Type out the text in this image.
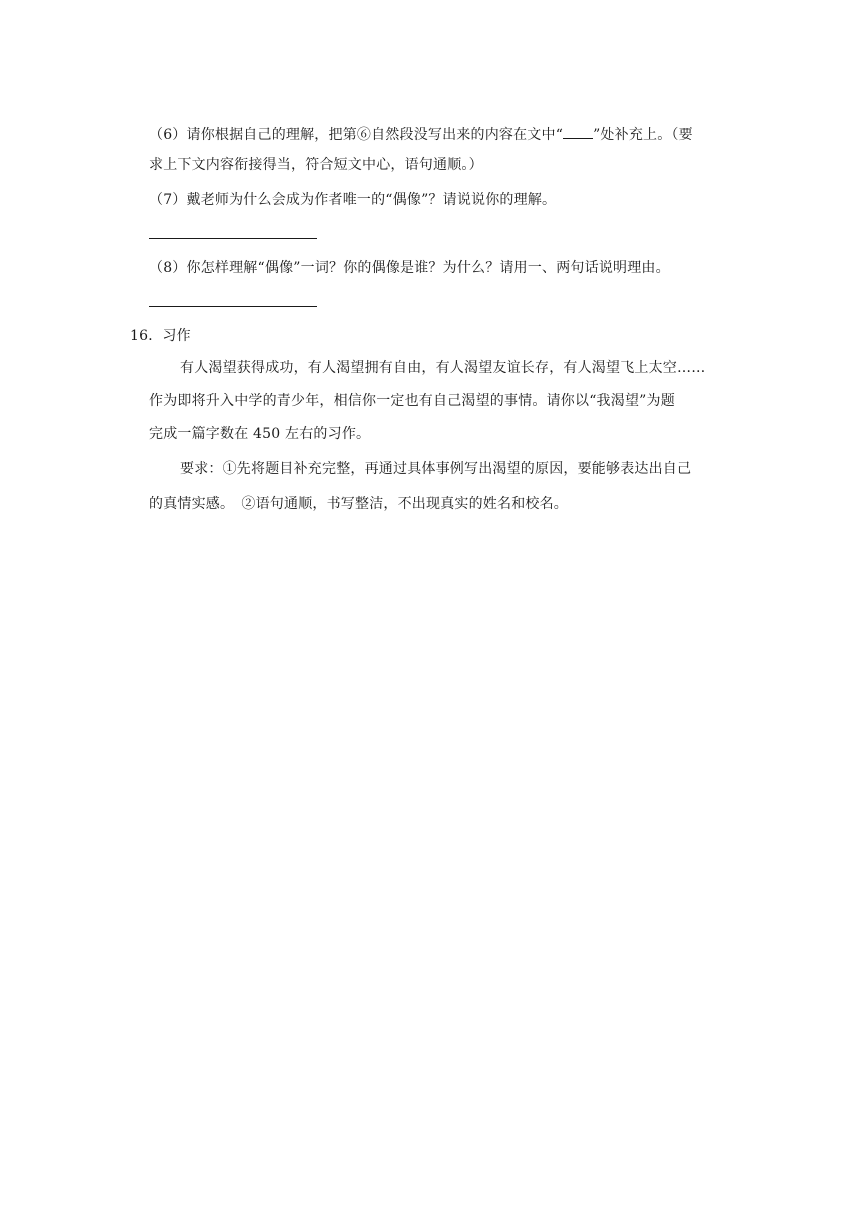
（6）请你根据自己的理解，把第⑥自然段没写出来的内容在文中“ ”处补充上。（要
求上下文内容衔接得当，符合短文中心，语句通顺。）
（7）戴老师为什么会成为作者唯一的“偶像”？请说说你的理解。
（8）你怎样理解“偶像”一词？你的偶像是谁？为什么？请用一、两句话说明理由。
16．习作
有人渴望获得成功，有人渴望拥有自由，有人渴望友谊长存，有人渴望飞上太空……
作为即将升入中学的青少年，相信你一定也有自己渴望的事情。请你以“我渴望”为题
完成一篇字数在 450 左右的习作。
要求：①先将题目补充完整，再通过具体事例写出渴望的原因，要能够表达出自己
的真情实感。　②语句通顺，书写整洁，不出现真实的姓名和校名。
